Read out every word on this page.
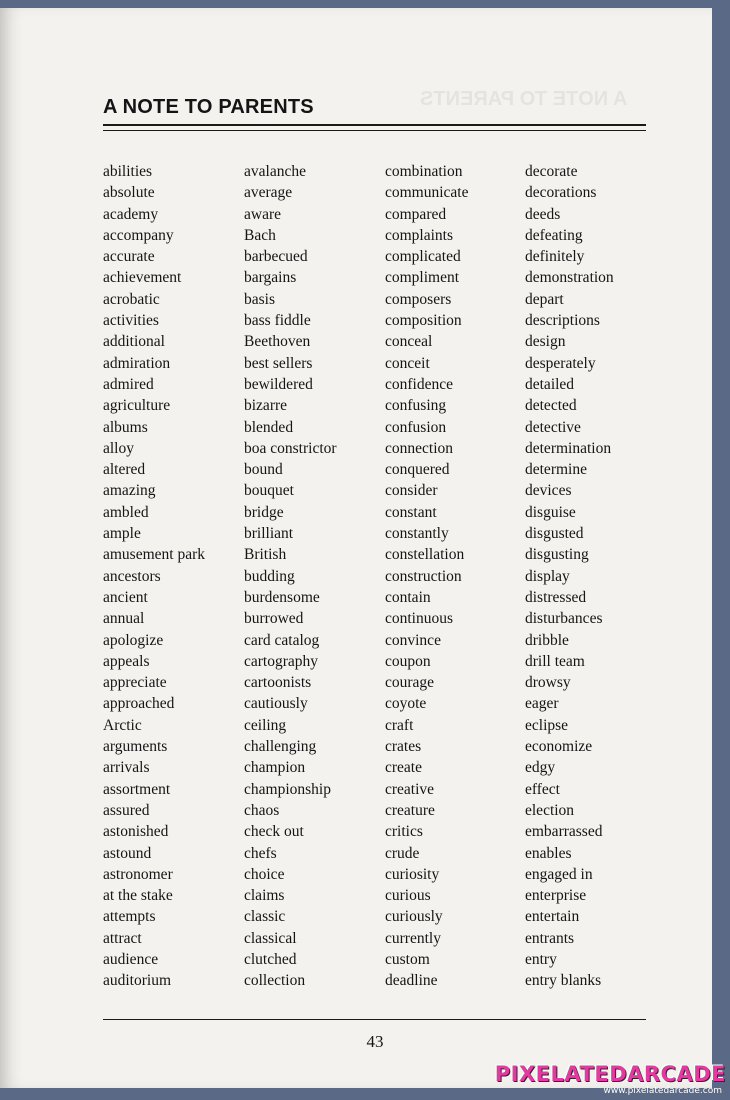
A NOTE TO PARENTS
A NOTE TO PARENTS
abilities
absolute
academy
accompany
accurate
achievement
acrobatic
activities
additional
admiration
admired
agriculture
albums
alloy
altered
amazing
ambled
ample
amusement park
ancestors
ancient
annual
apologize
appeals
appreciate
approached
Arctic
arguments
arrivals
assortment
assured
astonished
astound
astronomer
at the stake
attempts
attract
audience
auditorium
avalanche
average
aware
Bach
barbecued
bargains
basis
bass fiddle
Beethoven
best sellers
bewildered
bizarre
blended
boa constrictor
bound
bouquet
bridge
brilliant
British
budding
burdensome
burrowed
card catalog
cartography
cartoonists
cautiously
ceiling
challenging
champion
championship
chaos
check out
chefs
choice
claims
classic
classical
clutched
collection
combination
communicate
compared
complaints
complicated
compliment
composers
composition
conceal
conceit
confidence
confusing
confusion
connection
conquered
consider
constant
constantly
constellation
construction
contain
continuous
convince
coupon
courage
coyote
craft
crates
create
creative
creature
critics
crude
curiosity
curious
curiously
currently
custom
deadline
decorate
decorations
deeds
defeating
definitely
demonstration
depart
descriptions
design
desperately
detailed
detected
detective
determination
determine
devices
disguise
disgusted
disgusting
display
distressed
disturbances
dribble
drill team
drowsy
eager
eclipse
economize
edgy
effect
election
embarrassed
enables
engaged in
enterprise
entertain
entrants
entry
entry blanks
43
PIXELATEDARCADE
www.pixelatedarcade.com
